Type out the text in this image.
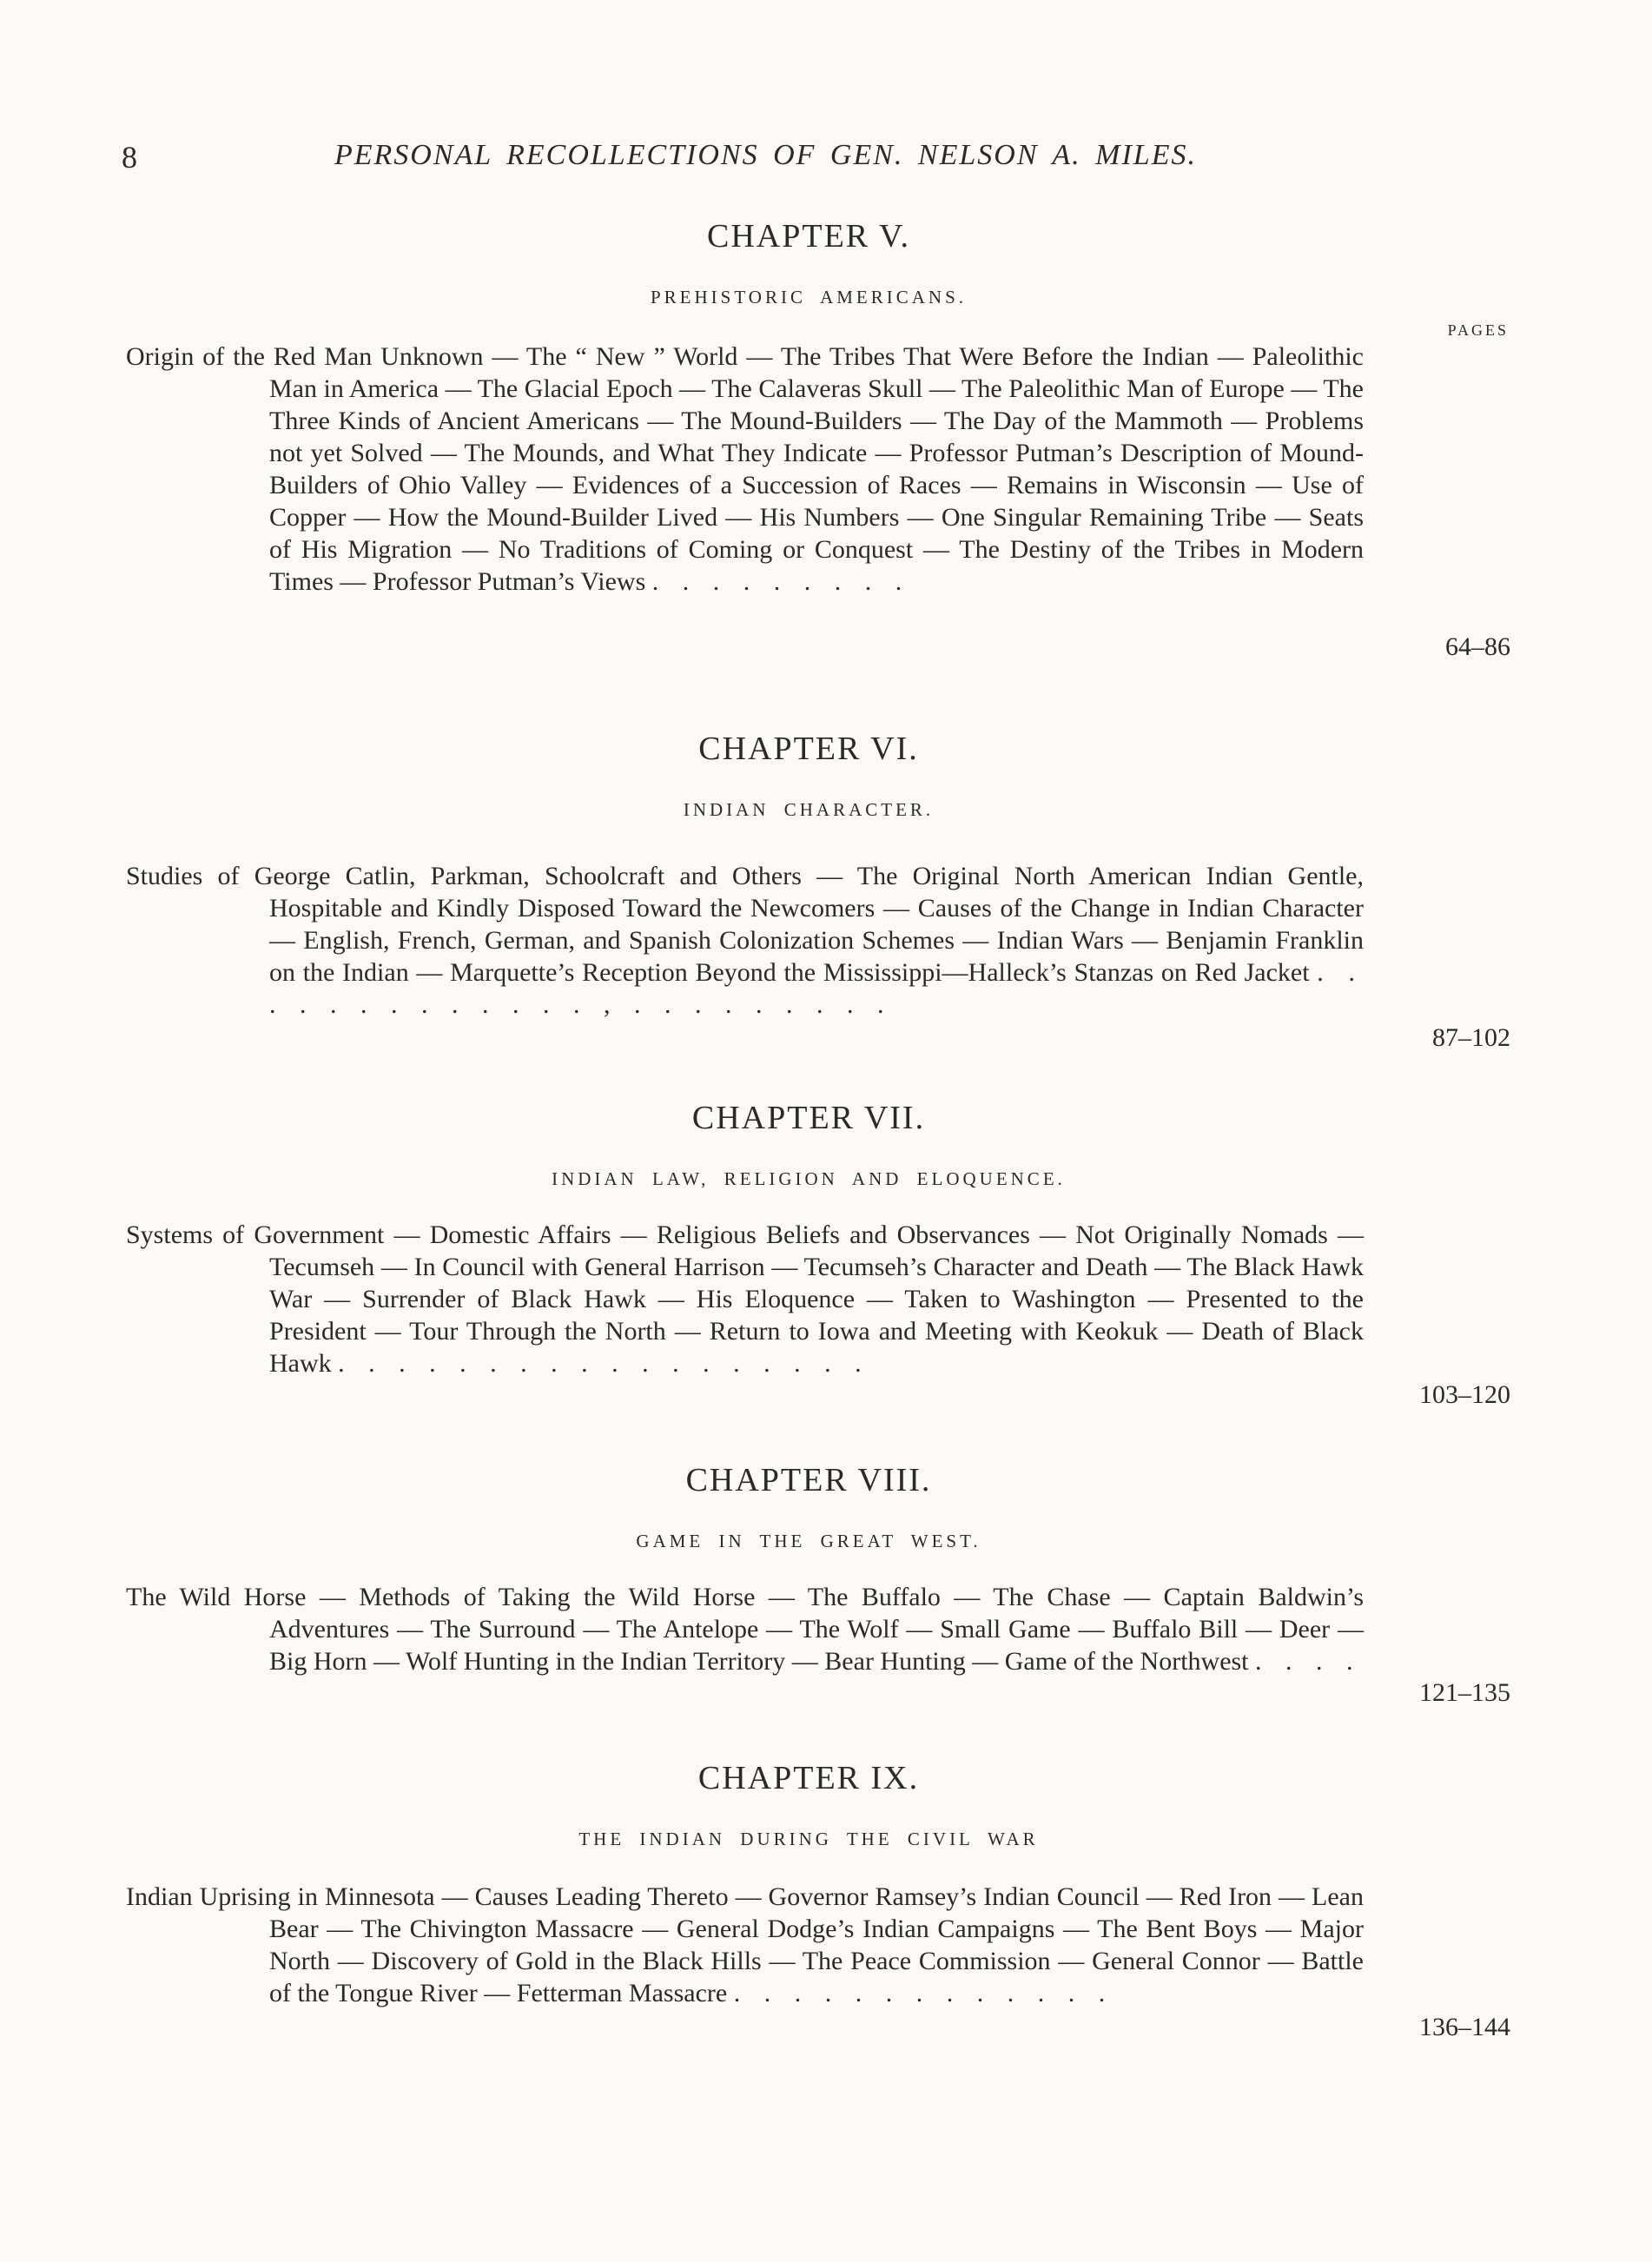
8	PERSONAL RECOLLECTIONS OF GEN. NELSON A. MILES.
CHAPTER V.
PREHISTORIC AMERICANS.
PAGES

Origin of the Red Man Unknown — The “ New ” World — The Tribes That Were Before the Indian — Paleolithic Man in America — The Glacial Epoch — The Calaveras Skull — The Paleolithic Man of Europe — The Three Kinds of Ancient Americans — The Mound-Builders — The Day of the Mammoth — Problems not yet Solved — The Mounds, and What They Indicate — Professor Putman’s Description of Mound-Builders of Ohio Valley — Evidences of a Succession of Races — Remains in Wisconsin — Use of Copper — How the Mound-Builder Lived — His Numbers — One Singular Remaining Tribe — Seats of His Migration — No Traditions of Coming or Conquest — The Destiny of the Tribes in Modern Times — Professor Putman’s Views . . . . . . . . .

64–86
CHAPTER VI.
INDIAN CHARACTER.

Studies of George Catlin, Parkman, Schoolcraft and Others — The Original North American Indian Gentle, Hospitable and Kindly Disposed Toward the Newcomers — Causes of the Change in Indian Character — English, French, German, and Spanish Colonization Schemes — Indian Wars — Benjamin Franklin on the Indian — Marquette’s Reception Beyond the Mississippi—Halleck’s Stanzas on Red Jacket . . . . . . . . . . . . . , . . . . . . . . .

87–102
CHAPTER VII.
INDIAN LAW, RELIGION AND ELOQUENCE.

Systems of Government — Domestic Affairs — Religious Beliefs and Observances — Not Originally Nomads — Tecumseh — In Council with General Harrison — Tecumseh’s Character and Death — The Black Hawk War — Surrender of Black Hawk — His Eloquence — Taken to Washington — Presented to the President — Tour Through the North — Return to Iowa and Meeting with Keokuk — Death of Black Hawk . . . . . . . . . . . . . . . . . .

103–120
CHAPTER VIII.
GAME IN THE GREAT WEST.

The Wild Horse — Methods of Taking the Wild Horse — The Buffalo — The Chase — Captain Baldwin’s Adventures — The Surround — The Antelope — The Wolf — Small Game — Buffalo Bill — Deer — Big Horn — Wolf Hunting in the Indian Territory — Bear Hunting — Game of the Northwest . . . .

121–135
CHAPTER IX.
THE INDIAN DURING THE CIVIL WAR

Indian Uprising in Minnesota — Causes Leading Thereto — Governor Ramsey’s Indian Council — Red Iron — Lean Bear — The Chivington Massacre — General Dodge’s Indian Campaigns — The Bent Boys — Major North — Discovery of Gold in the Black Hills — The Peace Commission — General Connor — Battle of the Tongue River — Fetterman Massacre . . . . . . . . . . . . .

136–144
